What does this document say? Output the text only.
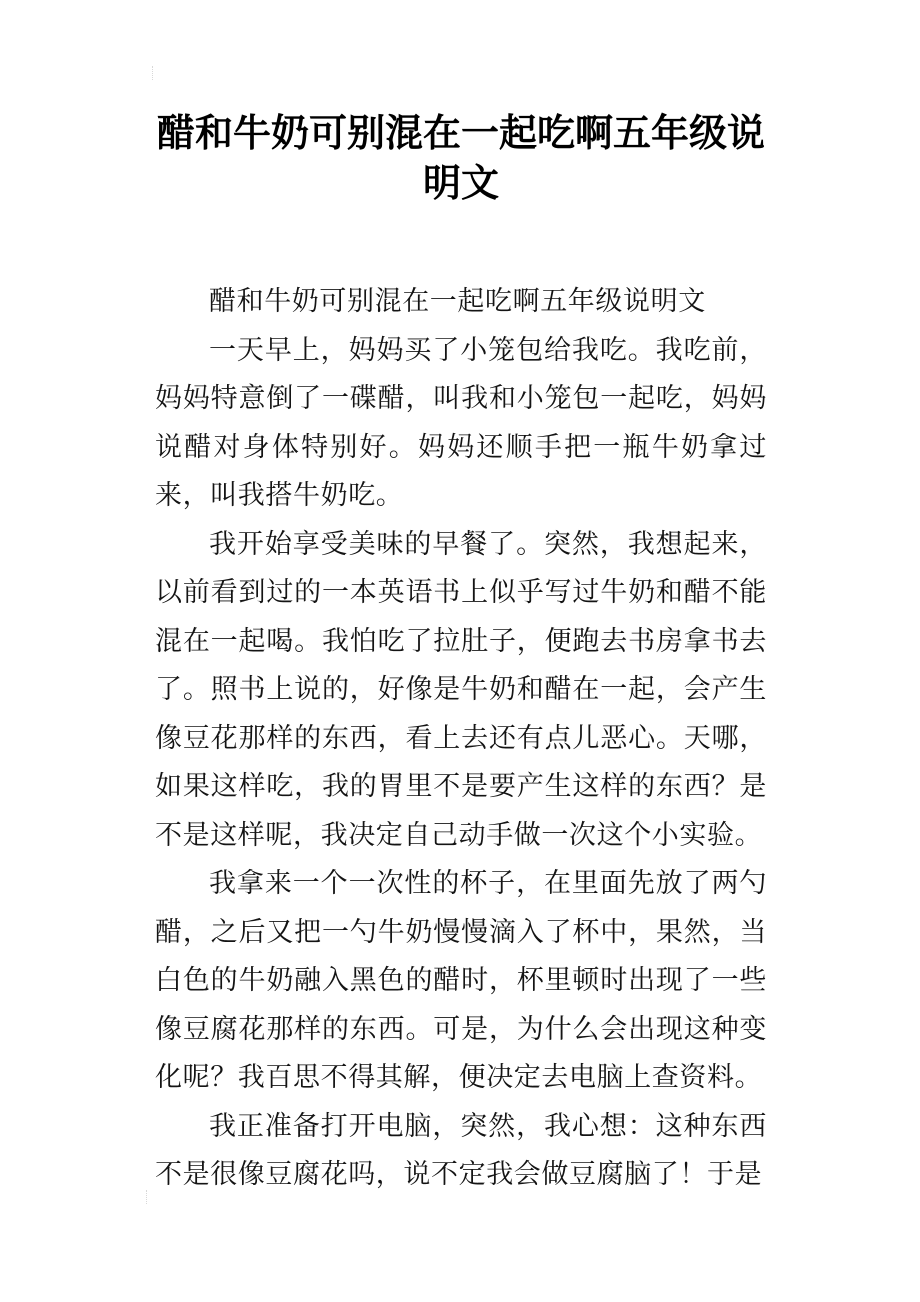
醋和牛奶可别混在一起吃啊五年级说明文

醋和牛奶可别混在一起吃啊五年级说明文

一天早上，妈妈买了小笼包给我吃。我吃前，妈妈特意倒了一碟醋，叫我和小笼包一起吃，妈妈说醋对身体特别好。妈妈还顺手把一瓶牛奶拿过来，叫我搭牛奶吃。

我开始享受美味的早餐了。突然，我想起来，以前看到过的一本英语书上似乎写过牛奶和醋不能混在一起喝。我怕吃了拉肚子，便跑去书房拿书去了。照书上说的，好像是牛奶和醋在一起，会产生像豆花那样的东西，看上去还有点儿恶心。天哪，如果这样吃，我的胃里不是要产生这样的东西？是不是这样呢，我决定自己动手做一次这个小实验。

我拿来一个一次性的杯子，在里面先放了两勺醋，之后又把一勺牛奶慢慢滴入了杯中，果然，当白色的牛奶融入黑色的醋时，杯里顿时出现了一些像豆腐花那样的东西。可是，为什么会出现这种变化呢？我百思不得其解，便决定去电脑上查资料。

我正准备打开电脑，突然，我心想：这种东西不是很像豆腐花吗，说不定我会做豆腐脑了！于是
